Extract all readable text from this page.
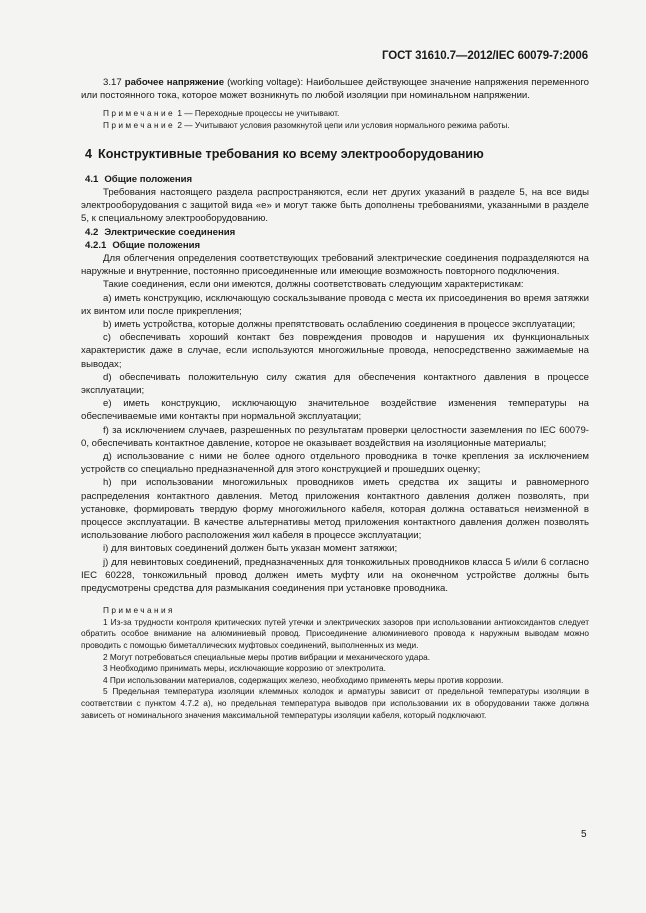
ГОСТ 31610.7—2012/IEC 60079-7:2006

3.17 рабочее напряжение (working voltage): Наибольшее действующее значение напряжения переменного или постоянного тока, которое может возникнуть по любой изоляции при номинальном напряжении.

Примечание 1 — Переходные процессы не учитывают.

Примечание 2 — Учитывают условия разомкнутой цепи или условия нормального режима работы.

4 Конструктивные требования ко всему электрооборудованию
4.1 Общие положения

Требования настоящего раздела распространяются, если нет других указаний в разделе 5, на все виды электрооборудования с защитой вида «е» и могут также быть дополнены требованиями, указанными в разделе 5, к специальному электрооборудованию.

4.2 Электрические соединения
4.2.1 Общие положения

Для облегчения определения соответствующих требований электрические соединения подразделяются на наружные и внутренние, постоянно присоединенные или имеющие возможность повторного подключения.

Такие соединения, если они имеются, должны соответствовать следующим характеристикам:

а) иметь конструкцию, исключающую соскальзывание провода с места их присоединения во время затяжки их винтом или после прикрепления;

b) иметь устройства, которые должны препятствовать ослаблению соединения в процессе эксплуатации;

c) обеспечивать хороший контакт без повреждения проводов и нарушения их функциональных характеристик даже в случае, если используются многожильные провода, непосредственно зажимаемые на выводах;

d) обеспечивать положительную силу сжатия для обеспечения контактного давления в процессе эксплуатации;

e) иметь конструкцию, исключающую значительное воздействие изменения температуры на обеспечиваемые ими контакты при нормальной эксплуатации;

f) за исключением случаев, разрешенных по результатам проверки целостности заземления по IEC 60079-0, обеспечивать контактное давление, которое не оказывает воздействия на изоляционные материалы;

д) использование с ними не более одного отдельного проводника в точке крепления за исключением устройств со специально предназначенной для этого конструкцией и прошедших оценку;

h) при использовании многожильных проводников иметь средства их защиты и равномерного распределения контактного давления. Метод приложения контактного давления должен позволять, при установке, формировать твердую форму многожильного кабеля, которая должна оставаться неизменной в процессе эксплуатации. В качестве альтернативы метод приложения контактного давления должен позволять использование любого расположения жил кабеля в процессе эксплуатации;

i) для винтовых соединений должен быть указан момент затяжки;

j) для невинтовых соединений, предназначенных для тонкожильных проводников класса 5 и/или 6 согласно IEC 60228, тонкожильный провод должен иметь муфту или на оконечном устройстве должны быть предусмотрены средства для размыкания соединения при установке проводника.

Примечания

1 Из-за трудности контроля критических путей утечки и электрических зазоров при использовании антиоксидантов следует обратить особое внимание на алюминиевый провод. Присоединение алюминиевого провода к наружным выводам можно проводить с помощью биметаллических муфтовых соединений, выполненных из меди.

2 Могут потребоваться специальные меры против вибрации и механического удара.

3 Необходимо принимать меры, исключающие коррозию от электролита.

4 При использовании материалов, содержащих железо, необходимо применять меры против коррозии.

5 Предельная температура изоляции клеммных колодок и арматуры зависит от предельной температуры изоляции в соответствии с пунктом 4.7.2 а), но предельная температура выводов при использовании их в оборудовании также должна зависеть от номинального значения максимальной температуры изоляции кабеля, который подключают.

5
